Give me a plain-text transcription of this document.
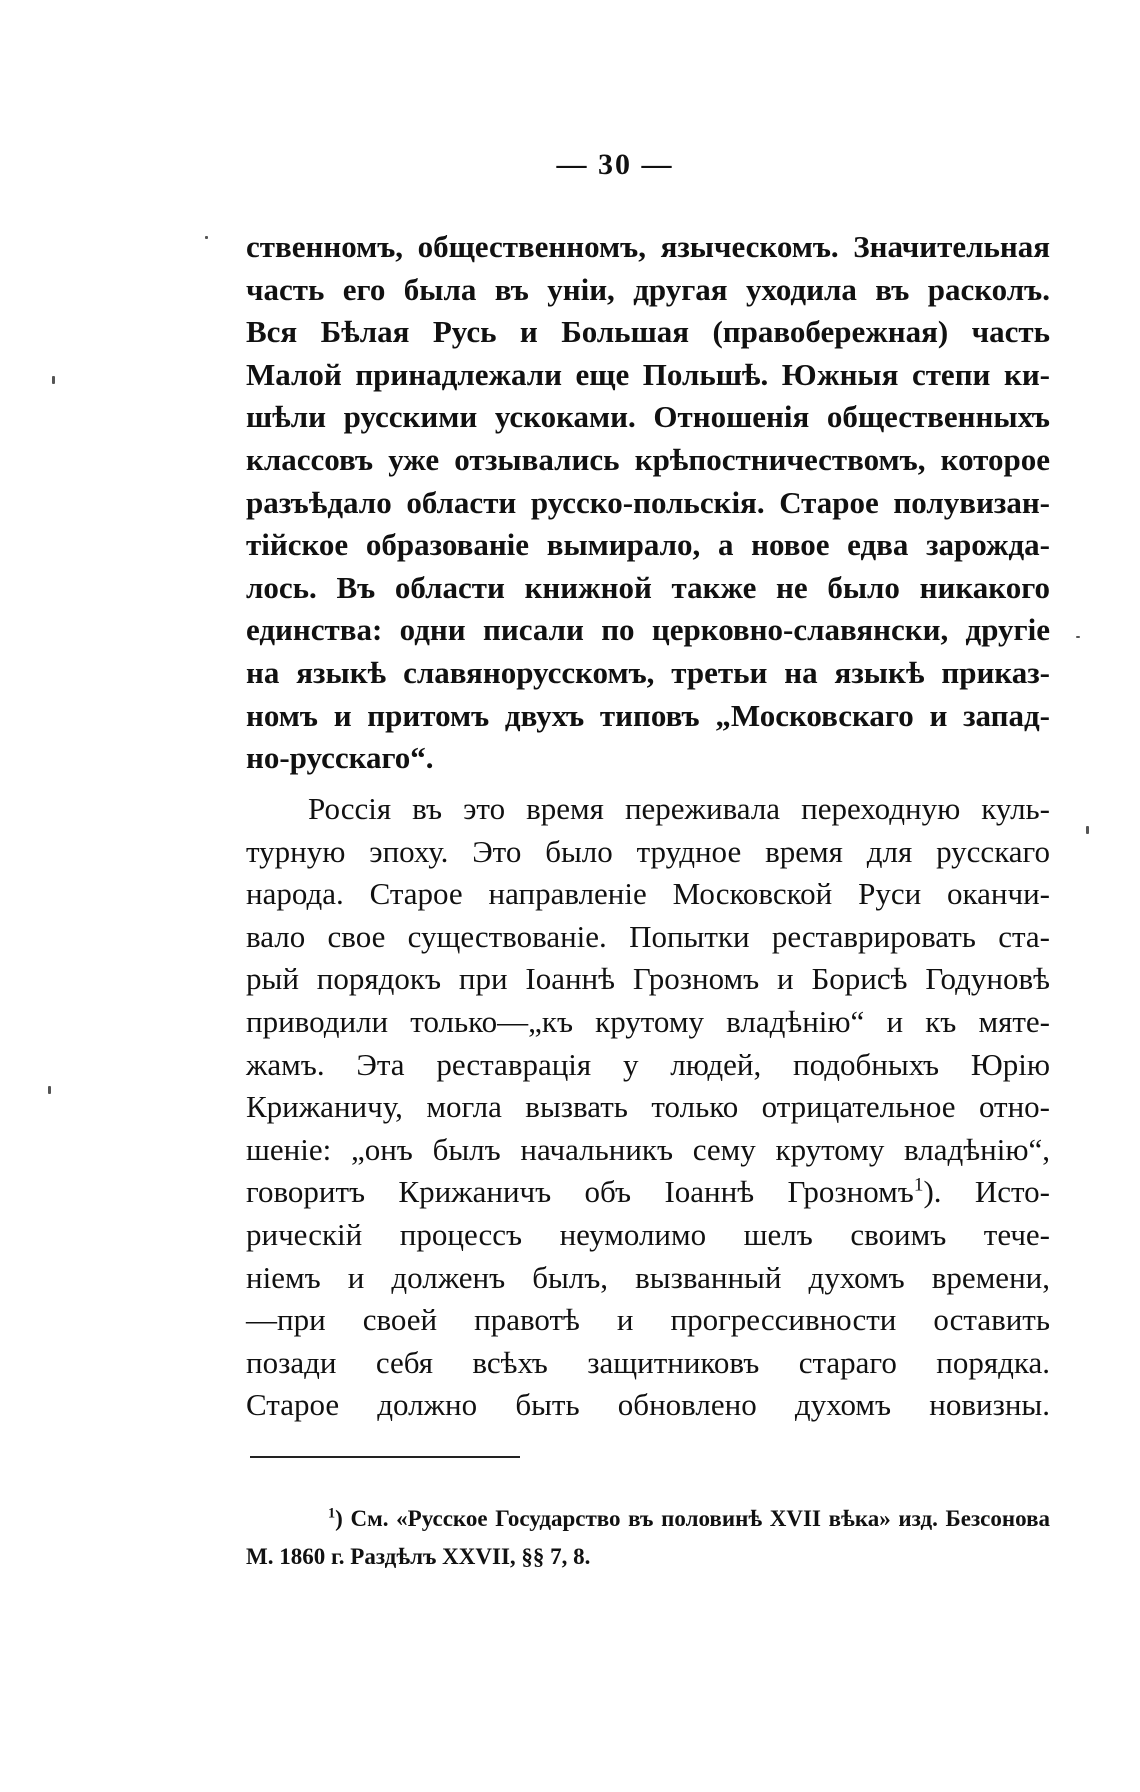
— 30 —
ственномъ, общественномъ, языческомъ. Значительная
часть его была въ уніи, другая уходила въ расколъ.
Вся Бѣлая Русь и Большая (правобережная) часть
Малой принадлежали еще Польшѣ. Южныя степи ки-
шѣли русскими ускоками. Отношенія общественныхъ
классовъ уже отзывались крѣпостничествомъ, которое
разъѣдало области русско-польскія. Старое полувизан-
тійское образованіе вымирало, а новое едва зарожда-
лось. Въ области книжной также не было никакого
единства: одни писали по церковно-славянски, другіе
на языкѣ славянорусскомъ, третьи на языкѣ приказ-
номъ и притомъ двухъ типовъ „Московскаго и запад-
но-русскаго“.
Россія въ это время переживала переходную куль-
турную эпоху. Это было трудное время для русскаго
народа. Старое направленіе Московской Руси оканчи-
вало свое существованіе. Попытки реставрировать ста-
рый порядокъ при Іоаннѣ Грозномъ и Борисѣ Годуновѣ
приводили только—„къ крутому владѣнію“ и къ мяте-
жамъ. Эта реставрація у людей, подобныхъ Юрію
Крижаничу, могла вызвать только отрицательное отно-
шеніе: „онъ былъ начальникъ сему крутому владѣнію“,
говоритъ Крижаничъ объ Іоаннѣ Грозномъ$^1$). Исто-
рическій процессъ неумолимо шелъ своимъ тече-
ніемъ и долженъ былъ, вызванный духомъ времени,
—при своей правотѣ и прогрессивности оставить
позади себя всѣхъ защитниковъ стараго порядка.
Старое должно быть обновлено духомъ новизны.
$^1$) См. «Русское Государство въ половинѣ XVII вѣка» изд. Безсонова
М. 1860 г. Раздѣлъ XXVII, §§ 7, 8.
